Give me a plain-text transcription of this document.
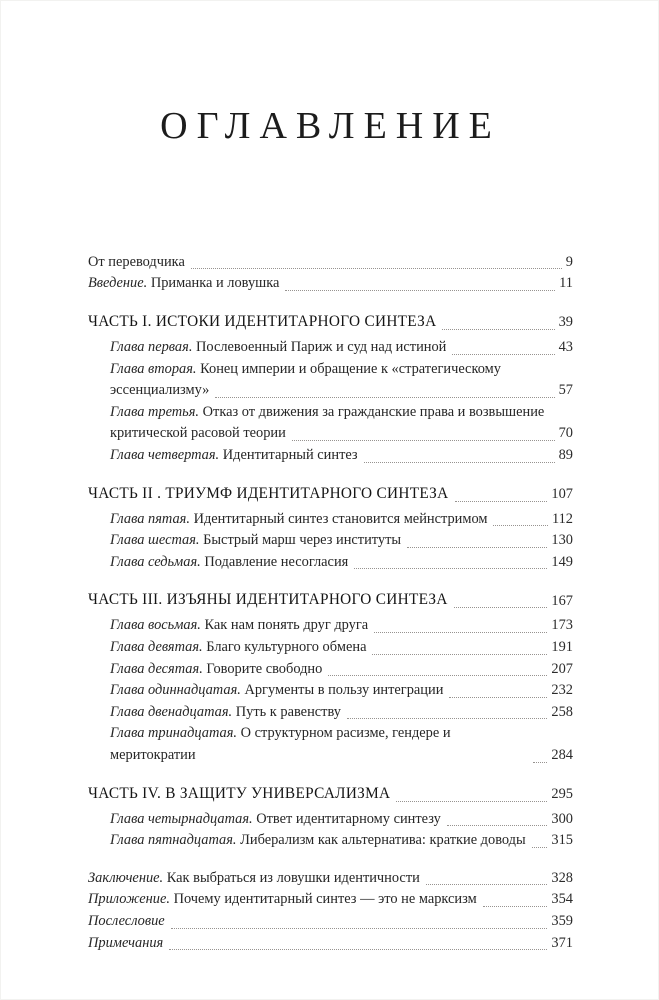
ОГЛАВЛЕНИЕ
От переводчика	9
Введение. Приманка и ловушка	11
ЧАСТЬ I. ИСТОКИ ИДЕНТИТАРНОГО СИНТЕЗА	39
Глава первая. Послевоенный Париж и суд над истиной	43
Глава вторая. Конец империи и обращение к «стратегическому
эссенциализму»	57
Глава третья. Отказ от движения за гражданские права и возвышение
критической расовой теории	70
Глава четвертая. Идентитарный синтез	89
ЧАСТЬ II . ТРИУМФ ИДЕНТИТАРНОГО СИНТЕЗА	107
Глава пятая. Идентитарный синтез становится мейнстримом	112
Глава шестая. Быстрый марш через институты	130
Глава седьмая. Подавление несогласия	149
ЧАСТЬ III. ИЗЪЯНЫ ИДЕНТИТАРНОГО СИНТЕЗА	167
Глава восьмая. Как нам понять друг друга	173
Глава девятая. Благо культурного обмена	191
Глава десятая. Говорите свободно	207
Глава одиннадцатая. Аргументы в пользу интеграции	232
Глава двенадцатая. Путь к равенству	258
Глава тринадцатая. О структурном расизме, гендере и меритократии	284
ЧАСТЬ IV. В ЗАЩИТУ УНИВЕРСАЛИЗМА	295
Глава четырнадцатая. Ответ идентитарному синтезу	300
Глава пятнадцатая. Либерализм как альтернатива: краткие доводы 315
Заключение. Как выбраться из ловушки идентичности	328
Приложение. Почему идентитарный синтез — это не марксизм	354
Послесловие	359
Примечания	371
